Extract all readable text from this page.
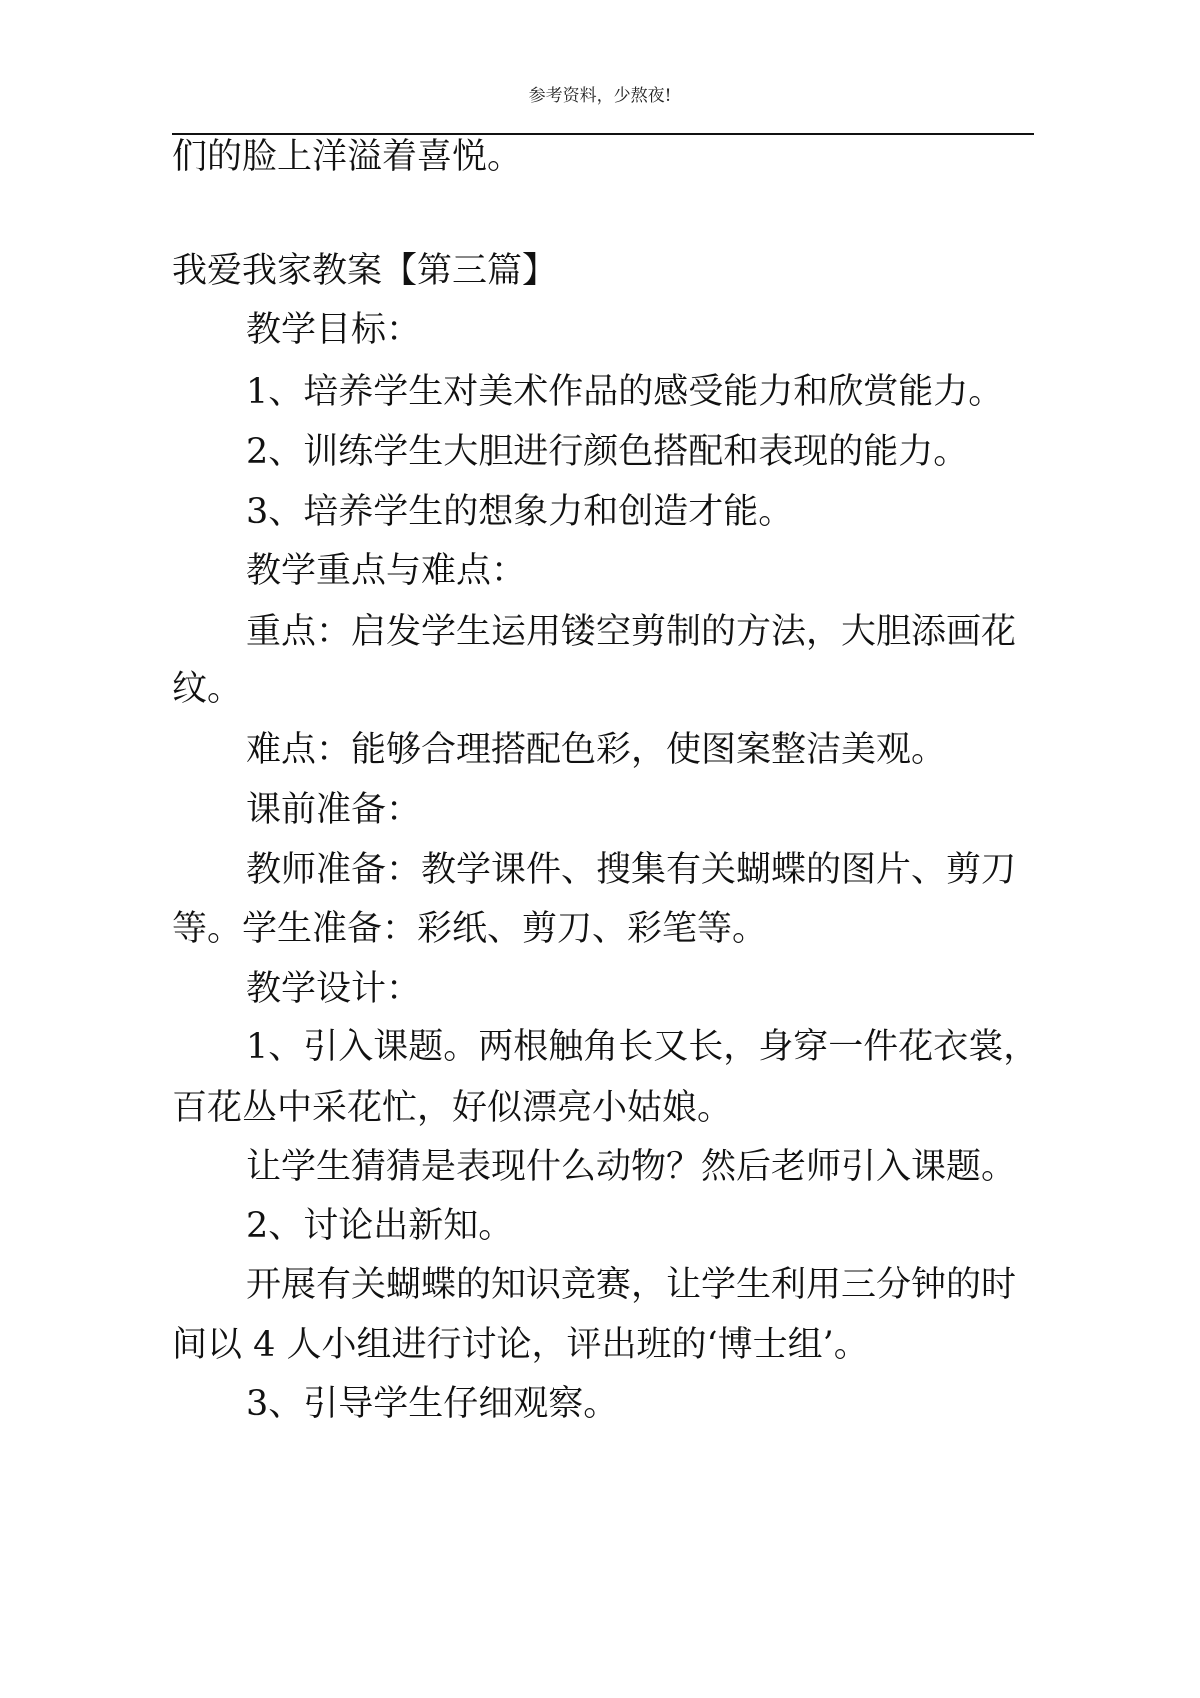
参考资料，少熬夜!
们的脸上洋溢着喜悦。
我爱我家教案【第三篇】
教学目标：
1、培养学生对美术作品的感受能力和欣赏能力。
2、训练学生大胆进行颜色搭配和表现的能力。
3、培养学生的想象力和创造才能。
教学重点与难点：
重点：启发学生运用镂空剪制的方法，大胆添画花
纹。
难点：能够合理搭配色彩，使图案整洁美观。
课前准备：
教师准备：教学课件、搜集有关蝴蝶的图片、剪刀
等。学生准备：彩纸、剪刀、彩笔等。
教学设计：
1、引入课题。两根触角长又长，身穿一件花衣裳，
百花丛中采花忙，好似漂亮小姑娘。
让学生猜猜是表现什么动物？然后老师引入课题。
2、讨论出新知。
开展有关蝴蝶的知识竞赛，让学生利用三分钟的时
间以 4 人小组进行讨论，评出班的‘博士组’。
3、引导学生仔细观察。
